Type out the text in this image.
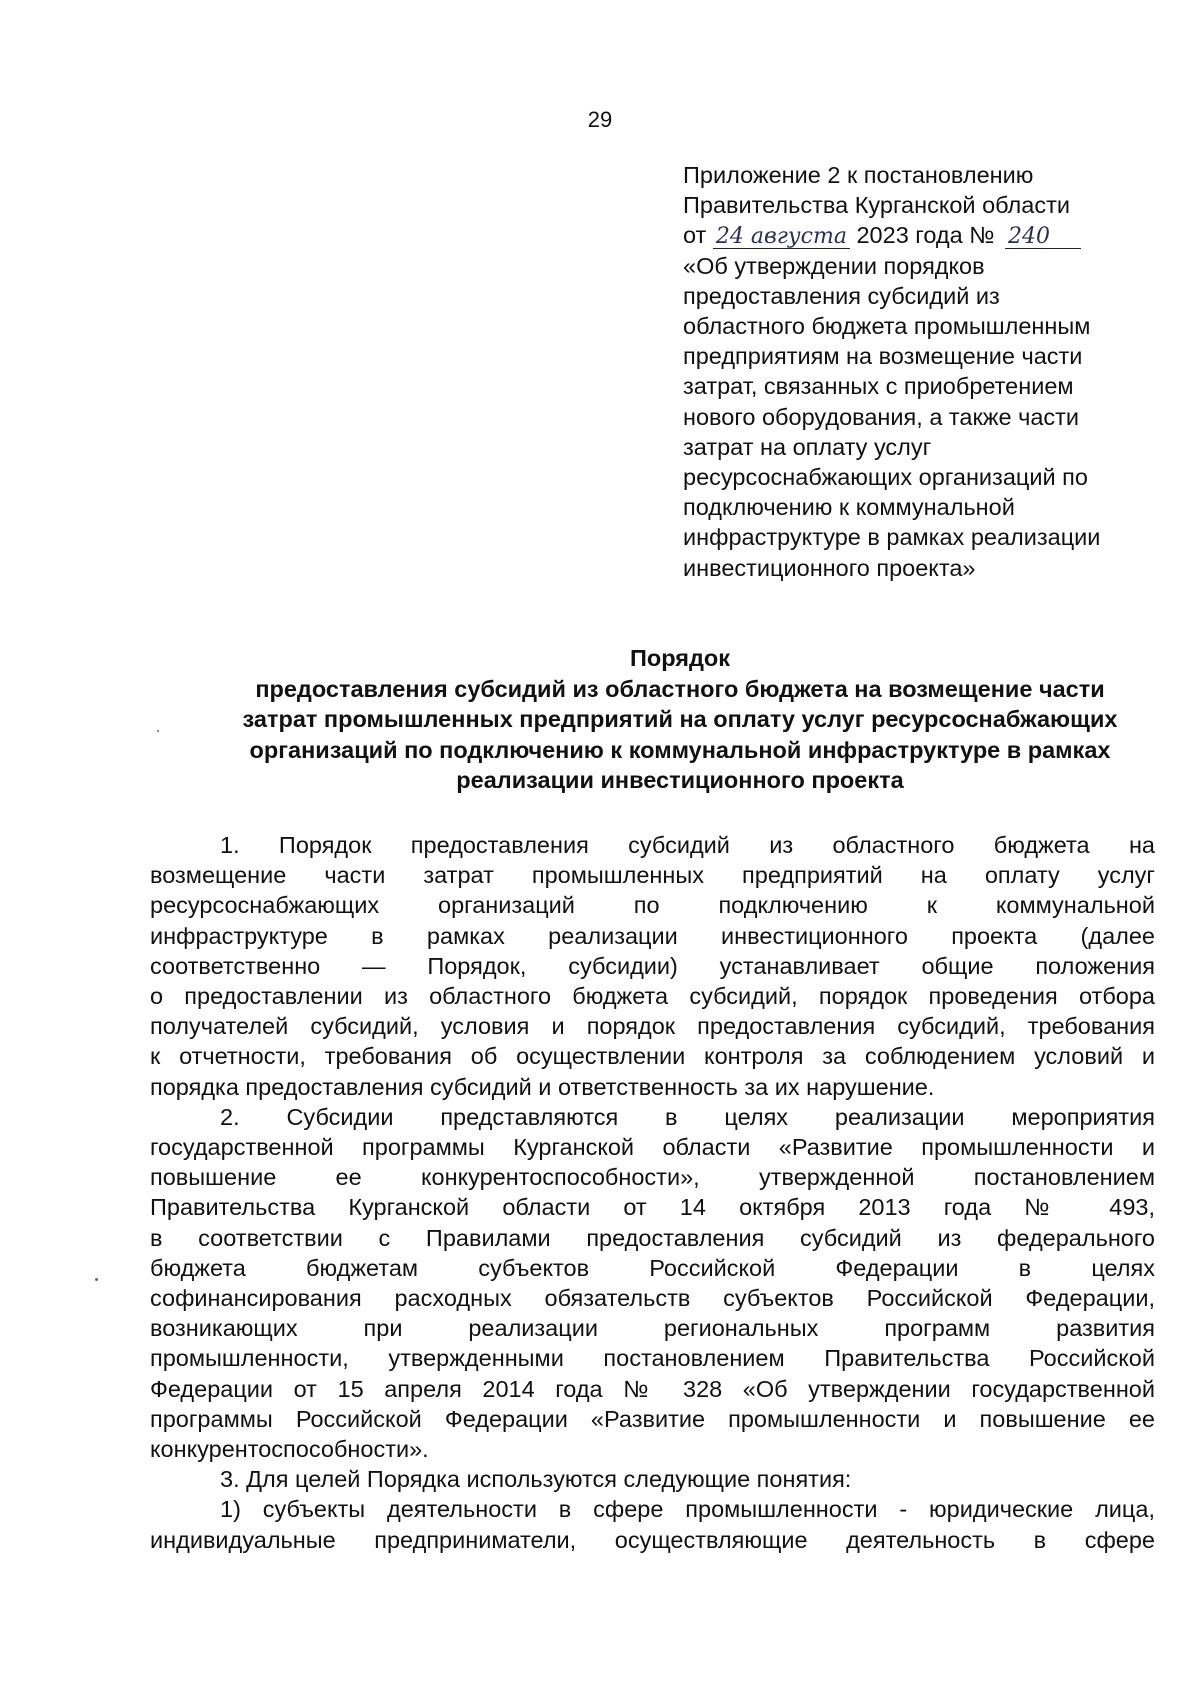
29
Приложение 2 к постановлению
Правительства Курганской области
от 24 августа 2023 года № 240
«Об утверждении порядков
предоставления субсидий из
областного бюджета промышленным
предприятиям на возмещение части
затрат, связанных с приобретением
нового оборудования, а также части
затрат на оплату услуг
ресурсоснабжающих организаций по
подключению к коммунальной
инфраструктуре в рамках реализации
инвестиционного проекта»
Порядок
предоставления субсидий из областного бюджета на возмещение части
затрат промышленных предприятий на оплату услуг ресурсоснабжающих
организаций по подключению к коммунальной инфраструктуре в рамках
реализации инвестиционного проекта
1. Порядок предоставления субсидий из областного бюджета на
возмещение части затрат промышленных предприятий на оплату услуг
ресурсоснабжающих организаций по подключению к коммунальной
инфраструктуре в рамках реализации инвестиционного проекта (далее
соответственно — Порядок, субсидии) устанавливает общие положения
о предоставлении из областного бюджета субсидий, порядок проведения отбора
получателей субсидий, условия и порядок предоставления субсидий, требования
к отчетности, требования об осуществлении контроля за соблюдением условий и
порядка предоставления субсидий и ответственность за их нарушение.
2. Субсидии представляются в целях реализации мероприятия
государственной программы Курганской области «Развитие промышленности и
повышение ее конкурентоспособности», утвержденной постановлением
Правительства Курганской области от 14 октября 2013 года № 493,
в соответствии с Правилами предоставления субсидий из федерального
бюджета бюджетам субъектов Российской Федерации в целях
софинансирования расходных обязательств субъектов Российской Федерации,
возникающих при реализации региональных программ развития
промышленности, утвержденными постановлением Правительства Российской
Федерации от 15 апреля 2014 года № 328 «Об утверждении государственной
программы Российской Федерации «Развитие промышленности и повышение ее
конкурентоспособности».
3. Для целей Порядка используются следующие понятия:
1) субъекты деятельности в сфере промышленности - юридические лица,
индивидуальные предприниматели, осуществляющие деятельность в сфере
